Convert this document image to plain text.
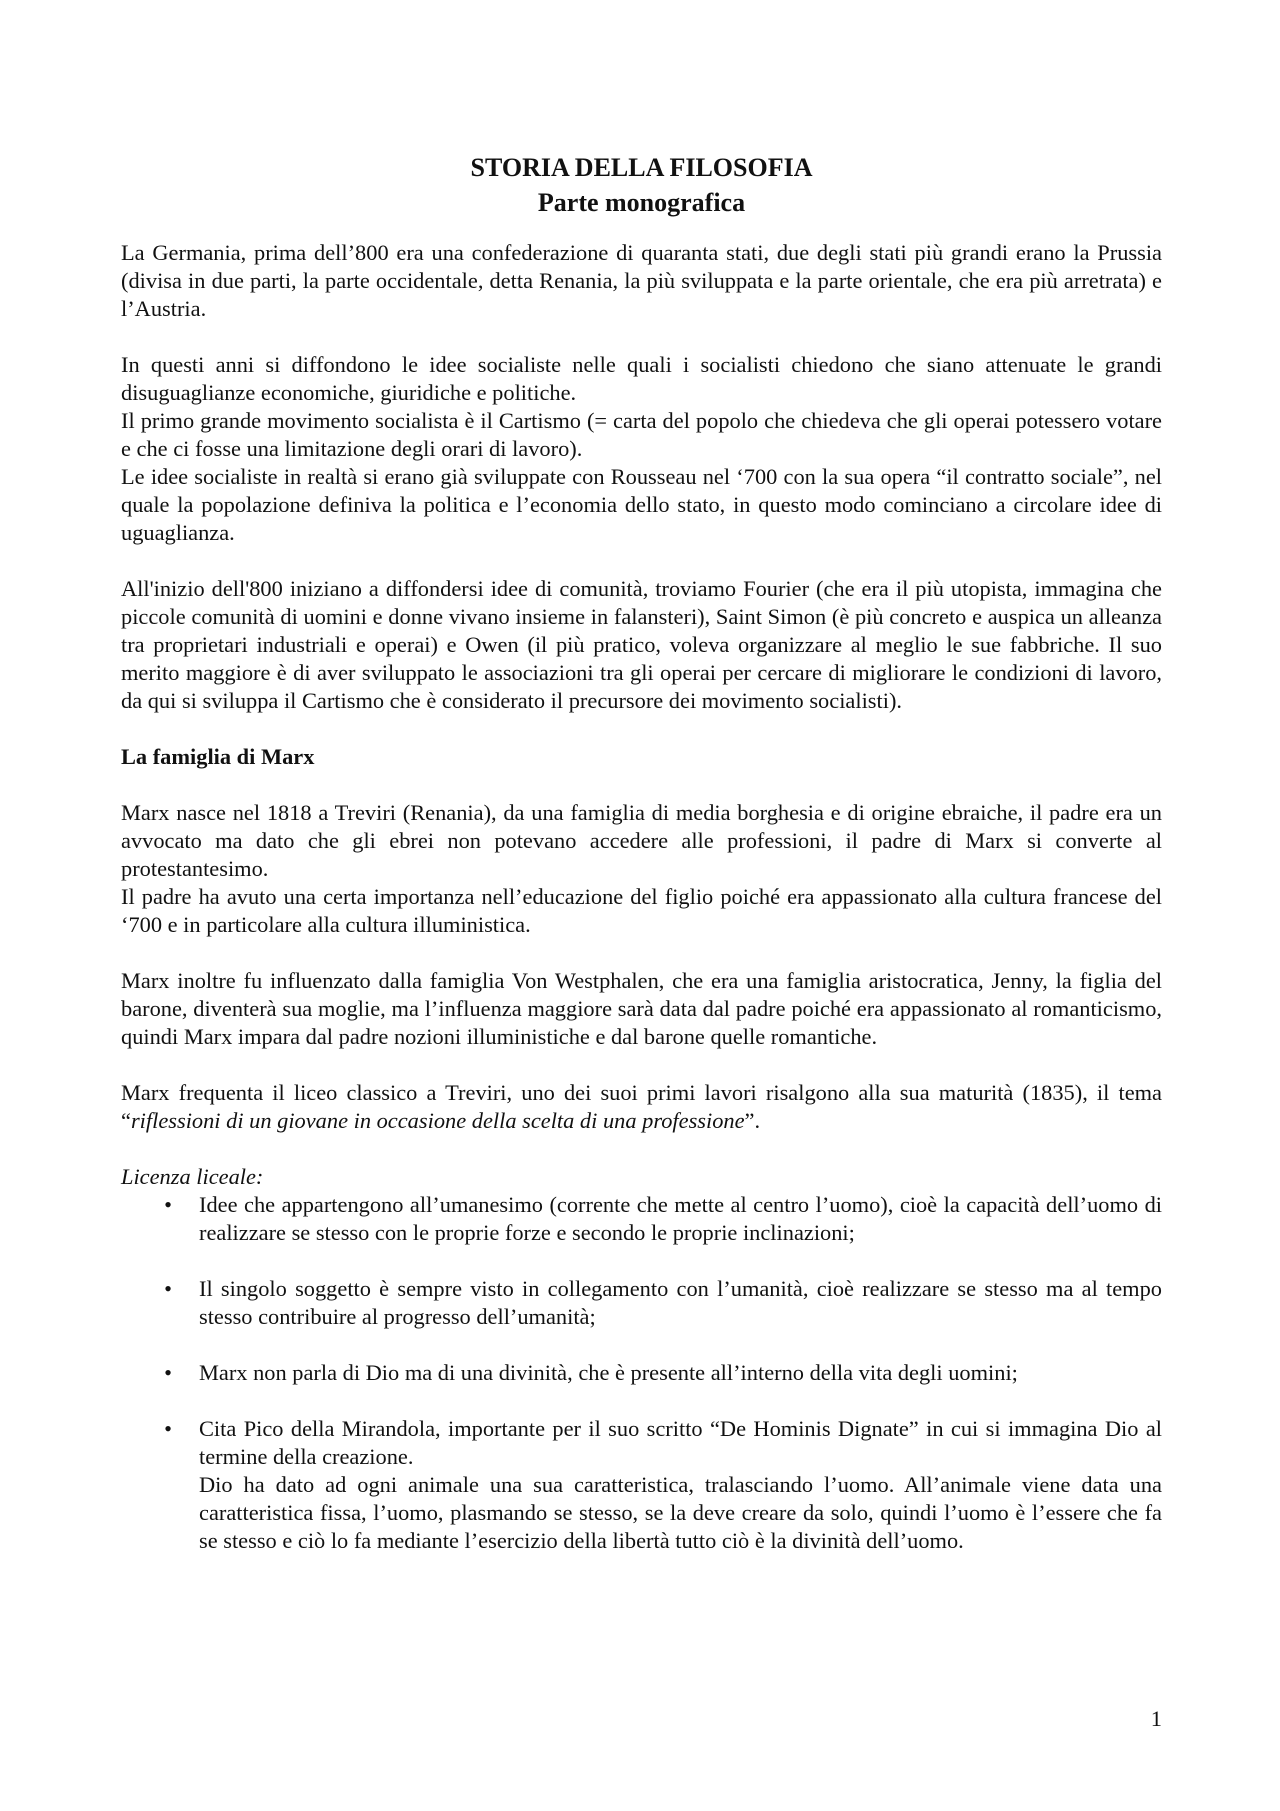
STORIA DELLA FILOSOFIA
Parte monografica

La Germania, prima dell’800 era una confederazione di quaranta stati, due degli stati più grandi erano la Prussia (divisa in due parti, la parte occidentale, detta Renania, la più sviluppata e la parte orientale, che era più arretrata) e l’Austria.

In questi anni si diffondono le idee socialiste nelle quali i socialisti chiedono che siano attenuate le grandi disuguaglianze economiche, giuridiche e politiche.

Il primo grande movimento socialista è il Cartismo (= carta del popolo che chiedeva che gli operai potessero votare e che ci fosse una limitazione degli orari di lavoro).

Le idee socialiste in realtà si erano già sviluppate con Rousseau nel ‘700 con la sua opera “il contratto sociale”, nel quale la popolazione definiva la politica e l’economia dello stato, in questo modo cominciano a circolare idee di uguaglianza.

All'inizio dell'800 iniziano a diffondersi idee di comunità, troviamo Fourier (che era il più utopista, immagina che piccole comunità di uomini e donne vivano insieme in falansteri), Saint Simon (è più concreto e auspica un alleanza tra proprietari industriali e operai) e Owen (il più pratico, voleva organizzare al meglio le sue fabbriche. Il suo merito maggiore è di aver sviluppato le associazioni tra gli operai per cercare di migliorare le condizioni di lavoro, da qui si sviluppa il Cartismo che è considerato il precursore dei movimento socialisti).

La famiglia di Marx

Marx nasce nel 1818 a Treviri (Renania), da una famiglia di media borghesia e di origine ebraiche, il padre era un avvocato ma dato che gli ebrei non potevano accedere alle professioni, il padre di Marx si converte al protestantesimo.

Il padre ha avuto una certa importanza nell’educazione del figlio poiché era appassionato alla cultura francese del ‘700 e in particolare alla cultura illuministica.

Marx inoltre fu influenzato dalla famiglia Von Westphalen, che era una famiglia aristocratica, Jenny, la figlia del barone, diventerà sua moglie, ma l’influenza maggiore sarà data dal padre poiché era appassionato al romanticismo, quindi Marx impara dal padre nozioni illuministiche e dal barone quelle romantiche.

Marx frequenta il liceo classico a Treviri, uno dei suoi primi lavori risalgono alla sua maturità (1835), il tema “riflessioni di un giovane in occasione della scelta di una professione”.

Licenza liceale:
• Idee che appartengono all’umanesimo (corrente che mette al centro l’uomo), cioè la capacità dell’uomo di realizzare se stesso con le proprie forze e secondo le proprie inclinazioni;
• Il singolo soggetto è sempre visto in collegamento con l’umanità, cioè realizzare se stesso ma al tempo stesso contribuire al progresso dell’umanità;
• Marx non parla di Dio ma di una divinità, che è presente all’interno della vita degli uomini;
• Cita Pico della Mirandola, importante per il suo scritto “De Hominis Dignate” in cui si immagina Dio al termine della creazione.
Dio ha dato ad ogni animale una sua caratteristica, tralasciando l’uomo. All’animale viene data una caratteristica fissa, l’uomo, plasmando se stesso, se la deve creare da solo, quindi l’uomo è l’essere che fa se stesso e ciò lo fa mediante l’esercizio della libertà tutto ciò è la divinità dell’uomo.
1
